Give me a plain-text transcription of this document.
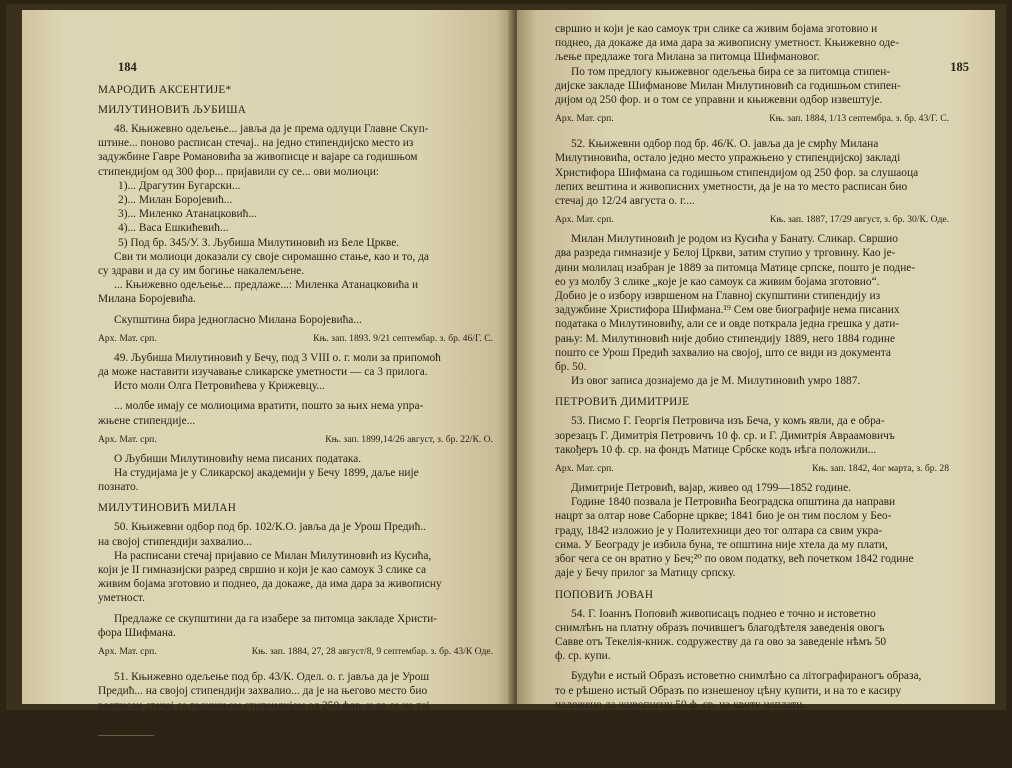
184
МАРОДИЋ АКСЕНТИЈЕ*
МИЛУТИНОВИЋ ЉУБИША

48. Књижевно одељење... јавља да је према одлуци Главне Скуп-

штине... поново расписан стечај.. на једно стипендијско место из

задужбине Гавре Романовића за живописце и вајаре са годишњом

стипендијом од 300 фор... пријавили су се... ови молиоци:

1)... Драгутин Бугарски...

2)... Милан Боројевић...

3)... Миленко Атанацковић...

4)... Васа Ешкићевић...

5) Под бр. 345/У. З. Љубиша Милутиновић из Беле Цркве.

Сви ти молиоци доказали су своје сиромашно стање, као и то, да

су здрави и да су им богиње накалемљене.

... Књижевно одељење... предлаже...: Миленка Атанацковића и

Милана Боројевића.

Скупштина бира једногласно Милана Боројевића...

Арх. Мат. срп.	Књ. зап. 1893. 9/21 септембар. з. бр. 46/Г. С.

49. Љубиша Милутиновић у Бечу, под 3 VIII о. г. моли за припомоћ

да може наставити изучавање сликарске уметности — са 3 прилога.

Исто моли Олга Петровићева у Крижевцу...

... молбе имају се молиоцима вратити, пошто за њих нема упра-

жњене стипендије...

Арх. Мат. срп.	Књ. зап. 1899,14/26 август, з. бр. 22/К. О.

О Љубиши Милутиновићу нема писаних података.

На студијама је у Сликарској академији у Бечу 1899, даље није

познато.

МИЛУТИНОВИЋ МИЛАН

50. Књижевни одбор под бр. 102/К.О. јавља да је Урош Предић..

на својој стипендији захвалио...

На расписани стечај пријавио се Милан Милутиновић из Кусића,

који је II гимназијски разред свршио и који је као самоук 3 слике са

живим бојама зготовио и поднео, да докаже, да има дара за живописну

уметност.

Предлаже се скупштини да га изабере за питомца закладе Христи-

фора Шифмана.

Арх. Мат. срп.	Књ. зап. 1884, 27, 28 август/8, 9 септембар. з. бр. 43/К Оде.

51. Књижевно одељење под бр. 43/К. Одел. о. г. јавља да је Урош

Предић... на својој стипендији захвалио... да је на његово место био

расписан стечај са годишњом стипендијом од 250 фор. и да се на тај

стечај пријавио Милан Милутиновић из Кусића, који је II гимн. разред

* Подаци који се односе на А. Мародића, а налазе се у Архиву Матице српске
биће објављени у монографији о овом сликару.
185

свршио и који је као самоук три слике са живим бојама зготовио и

поднео, да докаже да има дара за живописну уметност. Књижевно оде-

љење предлаже тога Милана за питомца Шифмановог.

По том предлогу књижевног одељења бира се за питомца стипен-

дијске закладе Шифманове Милан Милутиновић са годишњом стипен-

дијом од 250 фор. и о том се управни и књижевни одбор извештује.

Арх. Мат. срп.	Књ. зап. 1884, 1/13 септембра. з. бр. 43/Г. С.

52. Књижевни одбор под бр. 46/К. О. јавља да је смрћу Милана

Милутиновића, остало једно место упражњено у стипендијској закладі

Христифора Шифмана са годишњом стипендијом од 250 фор. за слушаоца

лепих вештина и живописних уметности, да је на то место расписан био

стечај до 12/24 августа о. г....

Арх. Мат. срп.	Књ. зап. 1887, 17/29 август, з. бр. 30/К. Оде.

Милан Милутиновић је родом из Кусића у Банату. Сликар. Свршио

два разреда гимназије у Белој Цркви, затим ступио у трговину. Као је-

дини молилац изабран је 1889 за питомца Матице српске, пошто је подне-

ео уз молбу 3 слике „које је као самоук са живим бојама зготовио“.

Добио је о избору извршеном на Главној скупштини стипендију из

задужбине Христифора Шифмана.¹⁹ Сем ове биографије нема писаних

података о Милутиновићу, али се и овде поткрала једна грешка у дати-

рању: М. Милутиновић није добио стипендију 1889, него 1884 године

пошто се Урош Предић захвалио на својој, што се види из документа

бр. 50.

Из овог записа дознајемо да је М. Милутиновић умро 1887.

ПЕТРОВИЋ ДИМИТРИЈЕ

53. Писмо Г. Георгія Петровича изъ Беча, у комъ явли, да е обра-

зорезацъ Г. Димитрія Петровичъ 10 ф. ср. и Г. Димитрія Авраамовичъ

такођеръ 10 ф. ср. на фондъ Матице Србске кодъ нѣга положили...

Арх. Мат. срп.	Књ. зап. 1842, 4ог марта, з. бр. 28

Димитрије Петровић, вајар, живео од 1799—1852 године.

Године 1840 позвала је Петровића Београдска општина да направи

нацрт за олтар нове Саборне цркве; 1841 био је он тим послом у Бео-

граду, 1842 изложио је у Политехници део тог олтара са свим укра-

сима. У Београду је избила буна, те општина није хтела да му плати,

због чега се он вратио у Беч;²⁰ по овом податку, већ почетком 1842 године

даје у Бечу прилог за Матицу српску.

ПОПОВИЋ ЈОВАН

54. Г. Іоаннъ Поповић живописацъ поднео е точно и истоветно

снимлѣнъ на платну образъ почившегъ благодѣтеля заведенія овогъ

Савве отъ Текелія-книж. содружеству да га ово за заведеніе нѣмъ 50

ф. ср. купи.

Будући е истый Образъ истоветно снимлѣно са літографираногъ образа,

то е рѣшено истый Образъ по изнешеноу цѣну купити, и на то е касиру

наложено да живописцу 50 ф. ср. на квиту исплати.

Арх. Мат. срп.	Књ. зап. 1847, 16 декембра, з. бр. 183
